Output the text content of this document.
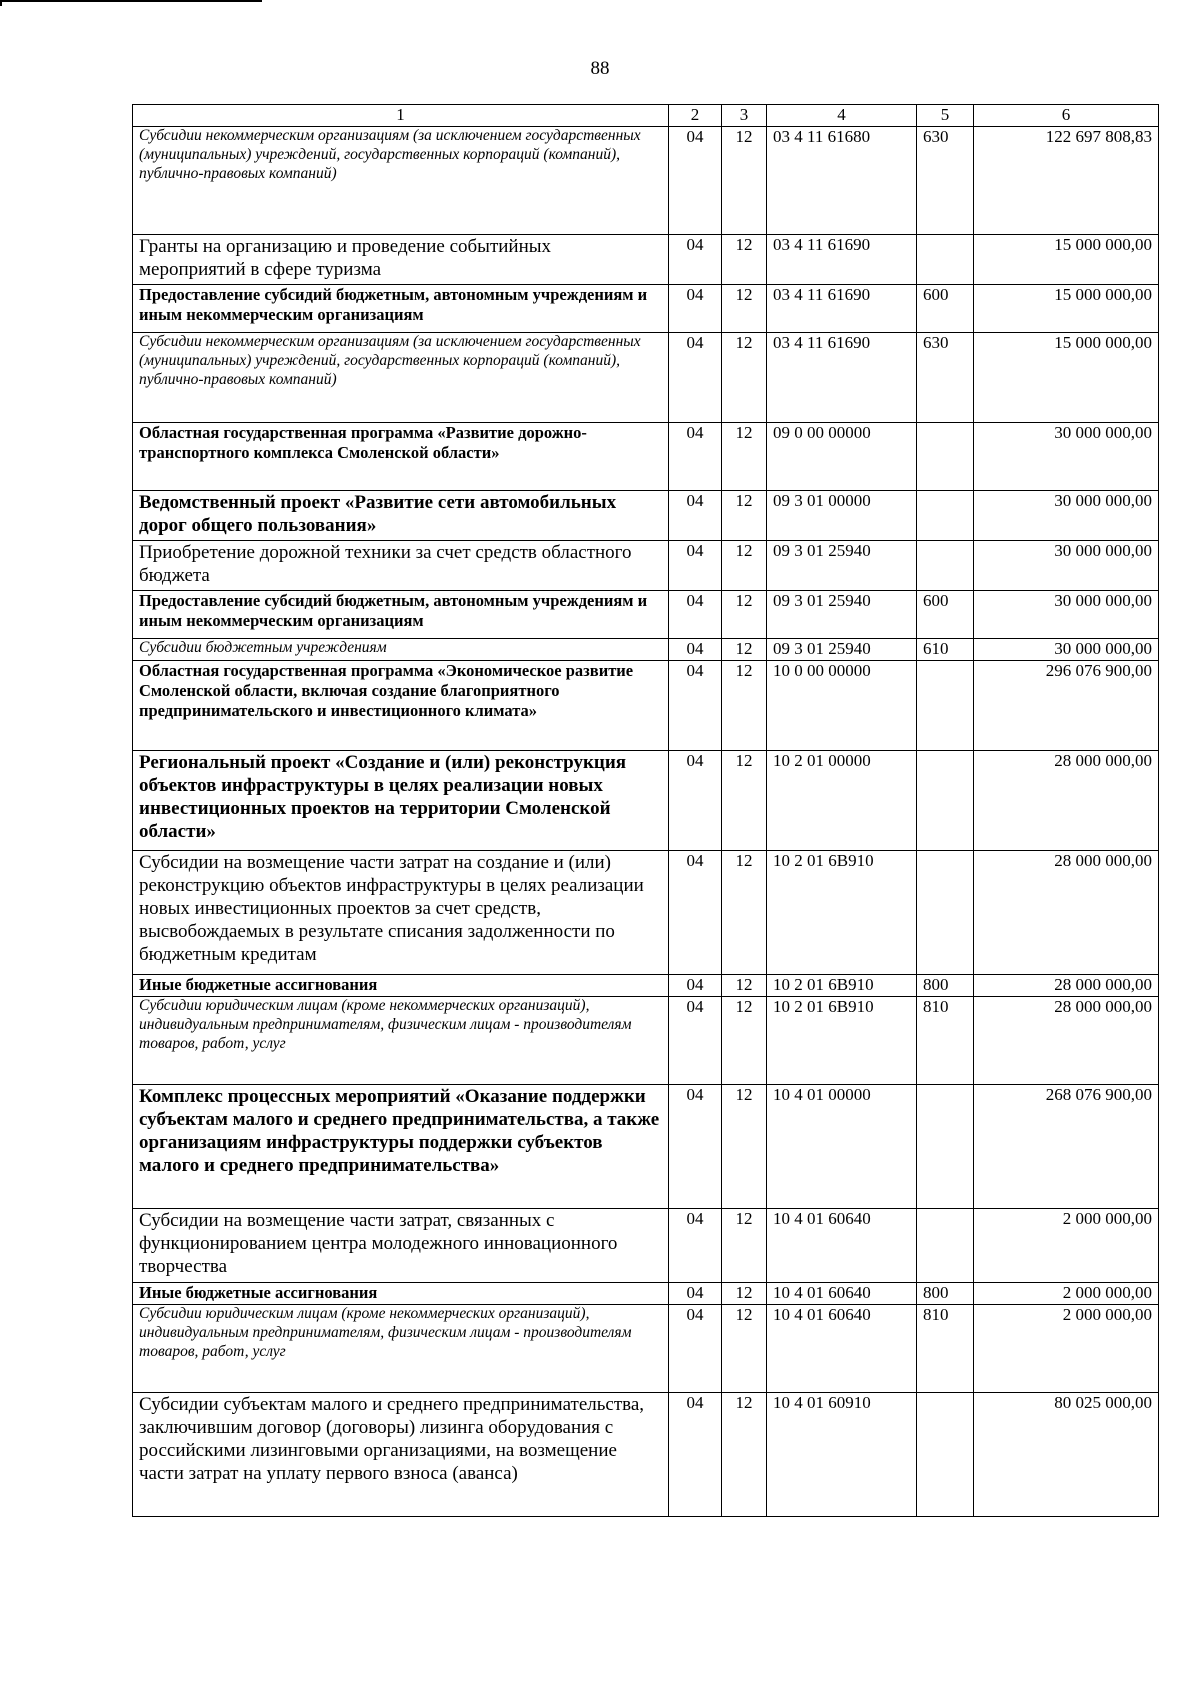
88
1	2	3	4	5	6
Субсидии некоммерческим организациям (за исключением государственных (муниципальных) учреждений, государственных корпораций (компаний), публично-правовых компаний)	04	12	03 4 11 61680	630	122 697 808,83
Гранты на организацию и проведение событийных мероприятий в сфере туризма	04	12	03 4 11 61690		15 000 000,00
Предоставление субсидий бюджетным, автономным учреждениям и иным некоммерческим организациям	04	12	03 4 11 61690	600	15 000 000,00
Субсидии некоммерческим организациям (за исключением государственных (муниципальных) учреждений, государственных корпораций (компаний), публично-правовых компаний)	04	12	03 4 11 61690	630	15 000 000,00
Областная государственная программа «Развитие дорожно-транспортного комплекса Смоленской области»	04	12	09 0 00 00000		30 000 000,00
Ведомственный проект «Развитие сети автомобильных дорог общего пользования»	04	12	09 3 01 00000		30 000 000,00
Приобретение дорожной техники за счет средств областного бюджета	04	12	09 3 01 25940		30 000 000,00
Предоставление субсидий бюджетным, автономным учреждениям и иным некоммерческим организациям	04	12	09 3 01 25940	600	30 000 000,00
Субсидии бюджетным учреждениям	04	12	09 3 01 25940	610	30 000 000,00
Областная государственная программа «Экономическое развитие Смоленской области, включая создание благоприятного предпринимательского и инвестиционного климата»	04	12	10 0 00 00000		296 076 900,00
Региональный проект «Создание и (или) реконструкция объектов инфраструктуры в целях реализации новых инвестиционных проектов на территории Смоленской области»	04	12	10 2 01 00000		28 000 000,00
Субсидии на возмещение части затрат на создание и (или) реконструкцию объектов инфраструктуры в целях реализации новых инвестиционных проектов за счет средств, высвобождаемых в результате списания задолженности по бюджетным кредитам	04	12	10 2 01 6В910		28 000 000,00
Иные бюджетные ассигнования	04	12	10 2 01 6В910	800	28 000 000,00
Субсидии юридическим лицам (кроме некоммерческих организаций), индивидуальным предпринимателям, физическим лицам - производителям товаров, работ, услуг	04	12	10 2 01 6В910	810	28 000 000,00
Комплекс процессных мероприятий «Оказание поддержки субъектам малого и среднего предпринимательства, а также организациям инфраструктуры поддержки субъектов малого и среднего предпринимательства»	04	12	10 4 01 00000		268 076 900,00
Субсидии на возмещение части затрат, связанных с функционированием центра молодежного инновационного творчества	04	12	10 4 01 60640		2 000 000,00
Иные бюджетные ассигнования	04	12	10 4 01 60640	800	2 000 000,00
Субсидии юридическим лицам (кроме некоммерческих организаций), индивидуальным предпринимателям, физическим лицам - производителям товаров, работ, услуг	04	12	10 4 01 60640	810	2 000 000,00
Субсидии субъектам малого и среднего предпринимательства, заключившим договор (договоры) лизинга оборудования с российскими лизинговыми организациями, на возмещение части затрат на уплату первого взноса (аванса)	04	12	10 4 01 60910		80 025 000,00
